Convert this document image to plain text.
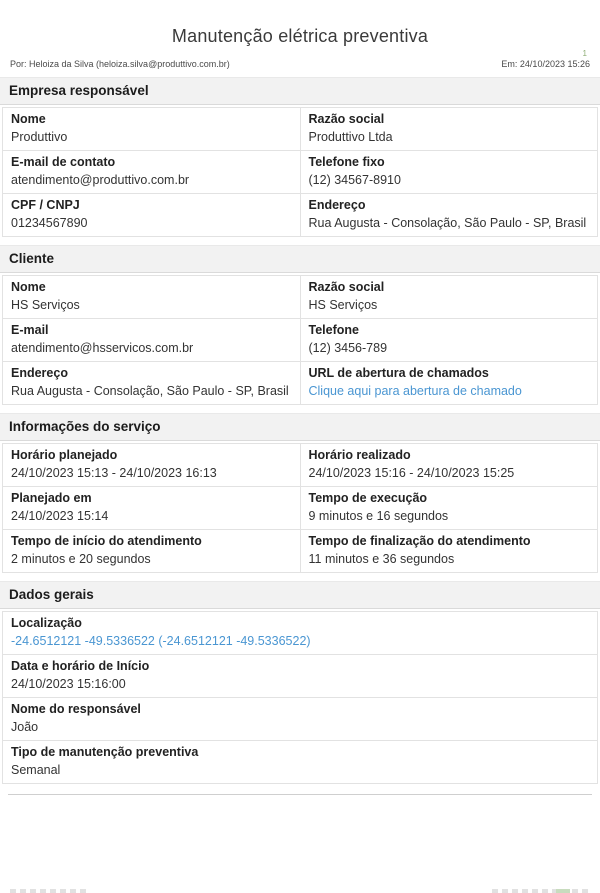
1
Manutenção elétrica preventiva
Por: Heloiza da Silva (heloiza.silva@produttivo.com.br)	Em: 24/10/2023 15:26
Empresa responsável
Nome
Produttivo
Razão social
Produttivo Ltda
E-mail de contato
atendimento@produttivo.com.br
Telefone fixo
(12) 34567-8910
CPF / CNPJ
01234567890
Endereço
Rua Augusta - Consolação, São Paulo - SP, Brasil
Cliente
Nome
HS Serviços
Razão social
HS Serviços
E-mail
atendimento@hsservicos.com.br
Telefone
(12) 3456-789
Endereço
Rua Augusta - Consolação, São Paulo - SP, Brasil
URL de abertura de chamados
Clique aqui para abertura de chamado
Informações do serviço
Horário planejado
24/10/2023 15:13 - 24/10/2023 16:13
Horário realizado
24/10/2023 15:16 - 24/10/2023 15:25
Planejado em
24/10/2023 15:14
Tempo de execução
9 minutos e 16 segundos
Tempo de início do atendimento
2 minutos e 20 segundos
Tempo de finalização do atendimento
11 minutos e 36 segundos
Dados gerais
Localização
-24.6512121 -49.5336522 (-24.6512121 -49.5336522)
Data e horário de Início
24/10/2023 15:16:00
Nome do responsável
João
Tipo de manutenção preventiva
Semanal
